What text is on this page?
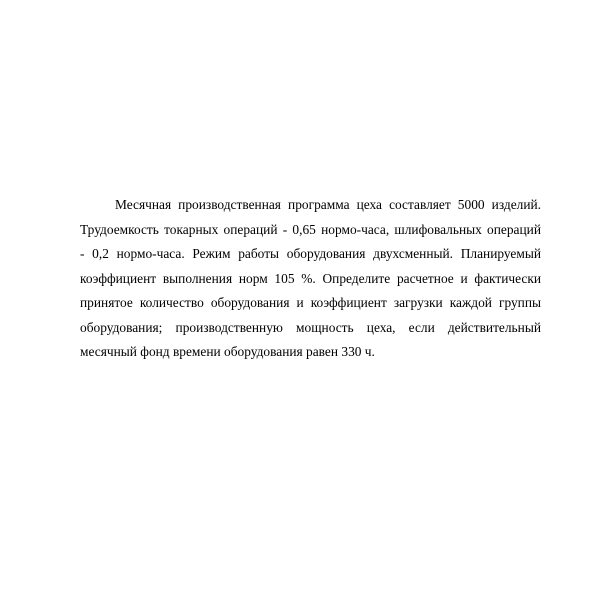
Месячная производственная программа цеха составляет 5000 изделий.
Трудоемкость токарных операций - 0,65 нормо-часа, шлифовальных операций
- 0,2 нормо-часа. Режим работы оборудования двухсменный. Планируемый
коэффициент выполнения норм 105 %. Определите расчетное и фактически
принятое количество оборудования и коэффициент загрузки каждой группы
оборудования; производственную мощность цеха, если действительный
месячный фонд времени оборудования равен 330 ч.
